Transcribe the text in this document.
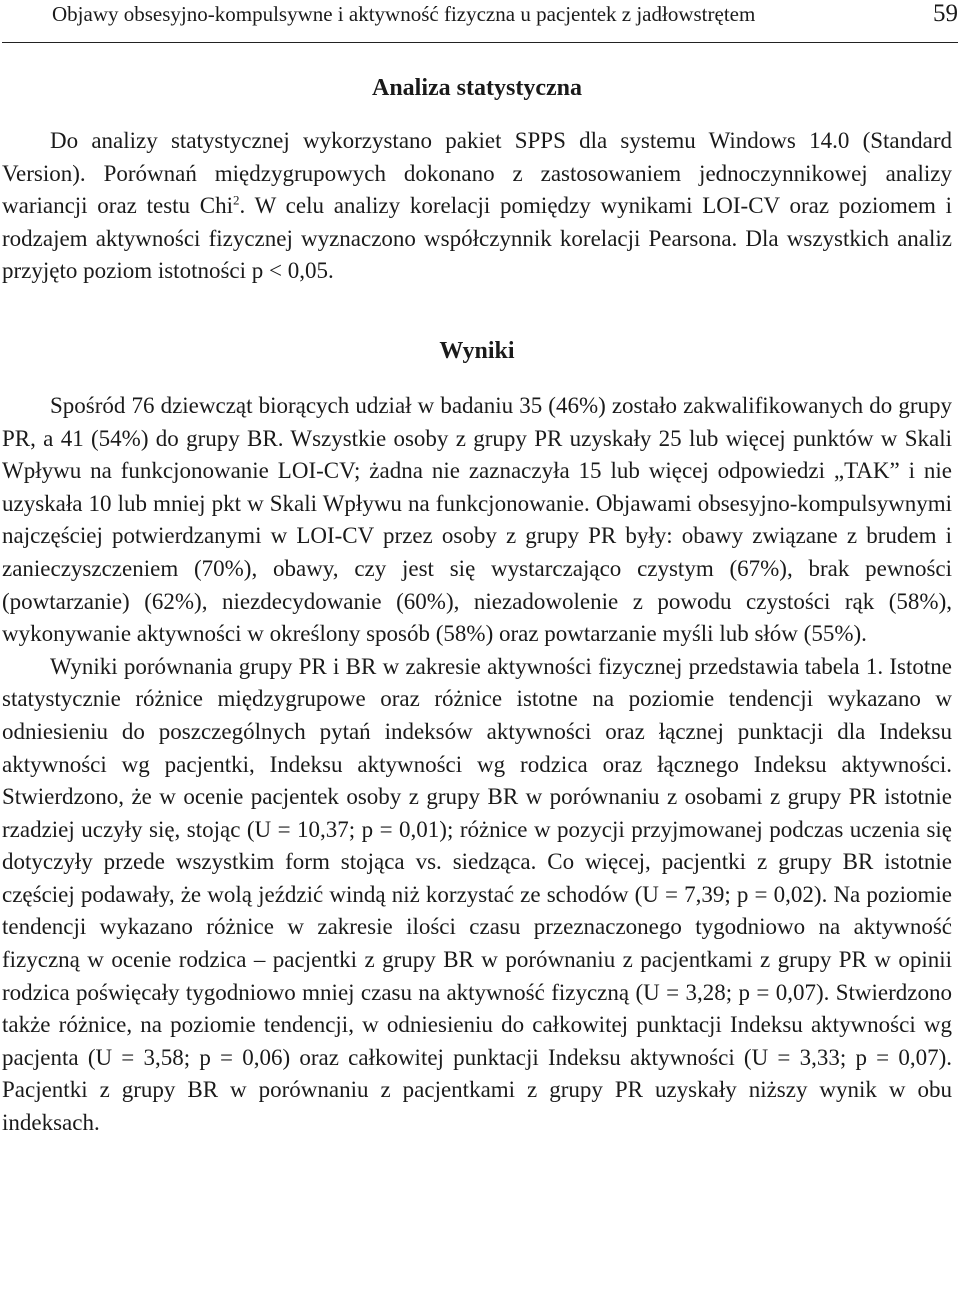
Objawy obsesyjno-kompulsywne i aktywność fizyczna u pacjentek z jadłowstrętem	59
Analiza statystyczna

Do analizy statystycznej wykorzystano pakiet SPPS dla systemu Windows 14.0 (Standard Version). Porównań międzygrupowych dokonano z zastosowaniem jednoczynnikowej analizy wariancji oraz testu Chi$^2$. W celu analizy korelacji pomiędzy wynikami LOI-CV oraz poziomem i rodzajem aktywności fizycznej wyznaczono współczynnik korelacji Pearsona. Dla wszystkich analiz przyjęto poziom istotności p < 0,05.

Wyniki

Spośród 76 dziewcząt biorących udział w badaniu 35 (46%) zostało zakwalifikowanych do grupy PR, a 41 (54%) do grupy BR. Wszystkie osoby z grupy PR uzyskały 25 lub więcej punktów w Skali Wpływu na funkcjonowanie LOI-CV; żadna nie zaznaczyła 15 lub więcej odpowiedzi „TAK” i nie uzyskała 10 lub mniej pkt w Skali Wpływu na funkcjonowanie. Objawami obsesyjno-kompulsywnymi najczęściej potwierdzanymi w LOI-CV przez osoby z grupy PR były: obawy związane z brudem i zanieczyszczeniem (70%), obawy, czy jest się wystarczająco czystym (67%), brak pewności (powtarzanie) (62%), niezdecydowanie (60%), niezadowolenie z powodu czystości rąk (58%), wykonywanie aktywności w określony sposób (58%) oraz powtarzanie myśli lub słów (55%).

Wyniki porównania grupy PR i BR w zakresie aktywności fizycznej przedstawia tabela 1. Istotne statystycznie różnice międzygrupowe oraz różnice istotne na poziomie tendencji wykazano w odniesieniu do poszczególnych pytań indeksów aktywności oraz łącznej punktacji dla Indeksu aktywności wg pacjentki, Indeksu aktywności wg rodzica oraz łącznego Indeksu aktywności. Stwierdzono, że w ocenie pacjentek osoby z grupy BR w porównaniu z osobami z grupy PR istotnie rzadziej uczyły się, stojąc (U = 10,37; p = 0,01); różnice w pozycji przyjmowanej podczas uczenia się dotyczyły przede wszystkim form stojąca vs. siedząca. Co więcej, pacjentki z grupy BR istotnie częściej podawały, że wolą jeździć windą niż korzystać ze schodów (U = 7,39; p = 0,02). Na poziomie tendencji wykazano różnice w zakresie ilości czasu przeznaczonego tygodniowo na aktywność fizyczną w ocenie rodzica – pacjentki z grupy BR w porównaniu z pacjentkami z grupy PR w opinii rodzica poświęcały tygodniowo mniej czasu na aktywność fizyczną (U = 3,28; p = 0,07). Stwierdzono także różnice, na poziomie tendencji, w odniesieniu do całkowitej punktacji Indeksu aktywności wg pacjenta (U = 3,58; p = 0,06) oraz całkowitej punktacji Indeksu aktywności (U = 3,33; p = 0,07). Pacjentki z grupy BR w porównaniu z pacjentkami z grupy PR uzyskały niższy wynik w obu indeksach.
